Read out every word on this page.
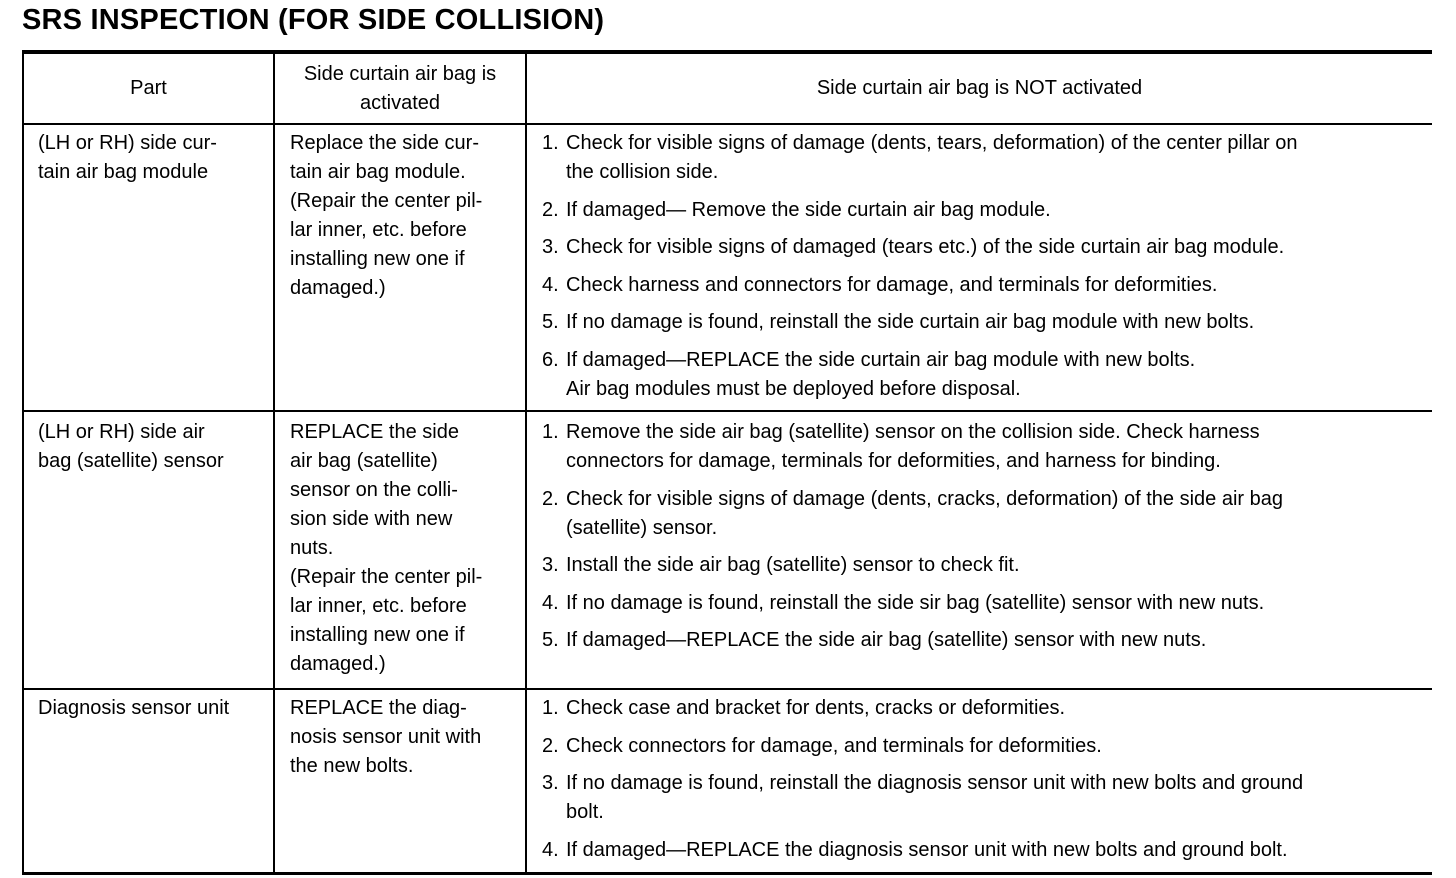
SRS INSPECTION (FOR SIDE COLLISION)
Part
Side curtain air bag is
activated
Side curtain air bag is NOT activated
(LH or RH) side cur-
tain air bag module
Replace the side cur-
tain air bag module.
(Repair the center pil-
lar inner, etc. before
installing new one if
damaged.)
1. Check for visible signs of damage (dents, tears, deformation) of the center pillar on
the collision side.
2. If damaged— Remove the side curtain air bag module.
3. Check for visible signs of damaged (tears etc.) of the side curtain air bag module.
4. Check harness and connectors for damage, and terminals for deformities.
5. If no damage is found, reinstall the side curtain air bag module with new bolts.
6. If damaged—REPLACE the side curtain air bag module with new bolts.
Air bag modules must be deployed before disposal.
(LH or RH) side air
bag (satellite) sensor
REPLACE the side
air bag (satellite)
sensor on the colli-
sion side with new
nuts.
(Repair the center pil-
lar inner, etc. before
installing new one if
damaged.)
1. Remove the side air bag (satellite) sensor on the collision side. Check harness
connectors for damage, terminals for deformities, and harness for binding.
2. Check for visible signs of damage (dents, cracks, deformation) of the side air bag
(satellite) sensor.
3. Install the side air bag (satellite) sensor to check fit.
4. If no damage is found, reinstall the side sir bag (satellite) sensor with new nuts.
5. If damaged—REPLACE the side air bag (satellite) sensor with new nuts.
Diagnosis sensor unit	REPLACE the diag-
nosis sensor unit with
the new bolts.
1. Check case and bracket for dents, cracks or deformities.
2. Check connectors for damage, and terminals for deformities.
3. If no damage is found, reinstall the diagnosis sensor unit with new bolts and ground
bolt.
4. If damaged—REPLACE the diagnosis sensor unit with new bolts and ground bolt.
